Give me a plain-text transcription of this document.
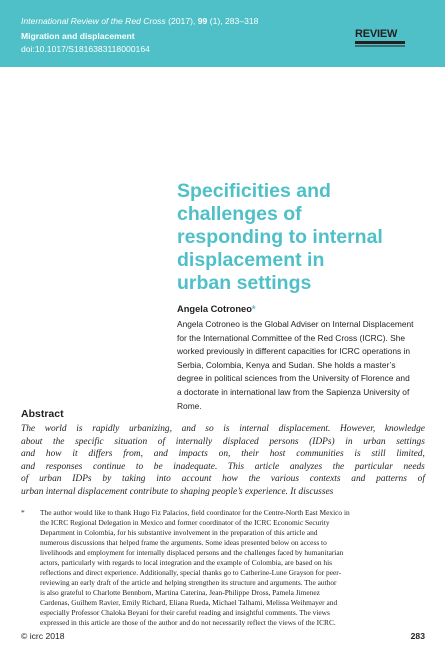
International Review of the Red Cross (2017), 99 (1), 283–318
Migration and displacement
doi:10.1017/S1816383118000164
REVIEW
Specificities and
challenges of
responding to internal
displacement in
urban settings
Angela Cotroneo*
Angela Cotroneo is the Global Adviser on Internal Displacement
for the International Committee of the Red Cross (ICRC). She
worked previously in different capacities for ICRC operations in
Serbia, Colombia, Kenya and Sudan. She holds a master’s
degree in political sciences from the University of Florence and
a doctorate in international law from the Sapienza University of
Rome.
Abstract
The world is rapidly urbanizing, and so is internal displacement. However, knowledge
about the specific situation of internally displaced persons (IDPs) in urban settings
and how it differs from, and impacts on, their host communities is still limited,
and responses continue to be inadequate. This article analyzes the particular needs
of urban IDPs by taking into account how the various contexts and patterns of
urban internal displacement contribute to shaping people’s experience. It discusses
* The author would like to thank Hugo Fiz Palacios, field coordinator for the Centre-North East Mexico in
the ICRC Regional Delegation in Mexico and former coordinator of the ICRC Economic Security
Department in Colombia, for his substantive involvement in the preparation of this article and
numerous discussions that helped frame the arguments. Some ideas presented below on access to
livelihoods and employment for internally displaced persons and the challenges faced by humanitarian
actors, particularly with regards to local integration and the example of Colombia, are based on his
reflections and direct experience. Additionally, special thanks go to Catherine-Lune Grayson for peer-
reviewing an early draft of the article and helping strengthen its structure and arguments. The author
is also grateful to Charlotte Bennborn, Martina Caterina, Jean-Philippe Dross, Pamela Jimenez
Cardenas, Guilhem Ravier, Emily Richard, Eliana Rueda, Michael Talhami, Melissa Weihmayer and
especially Professor Chaloka Beyani for their careful reading and insightful comments. The views
expressed in this article are those of the author and do not necessarily reflect the views of the ICRC.
© icrc 2018	283
